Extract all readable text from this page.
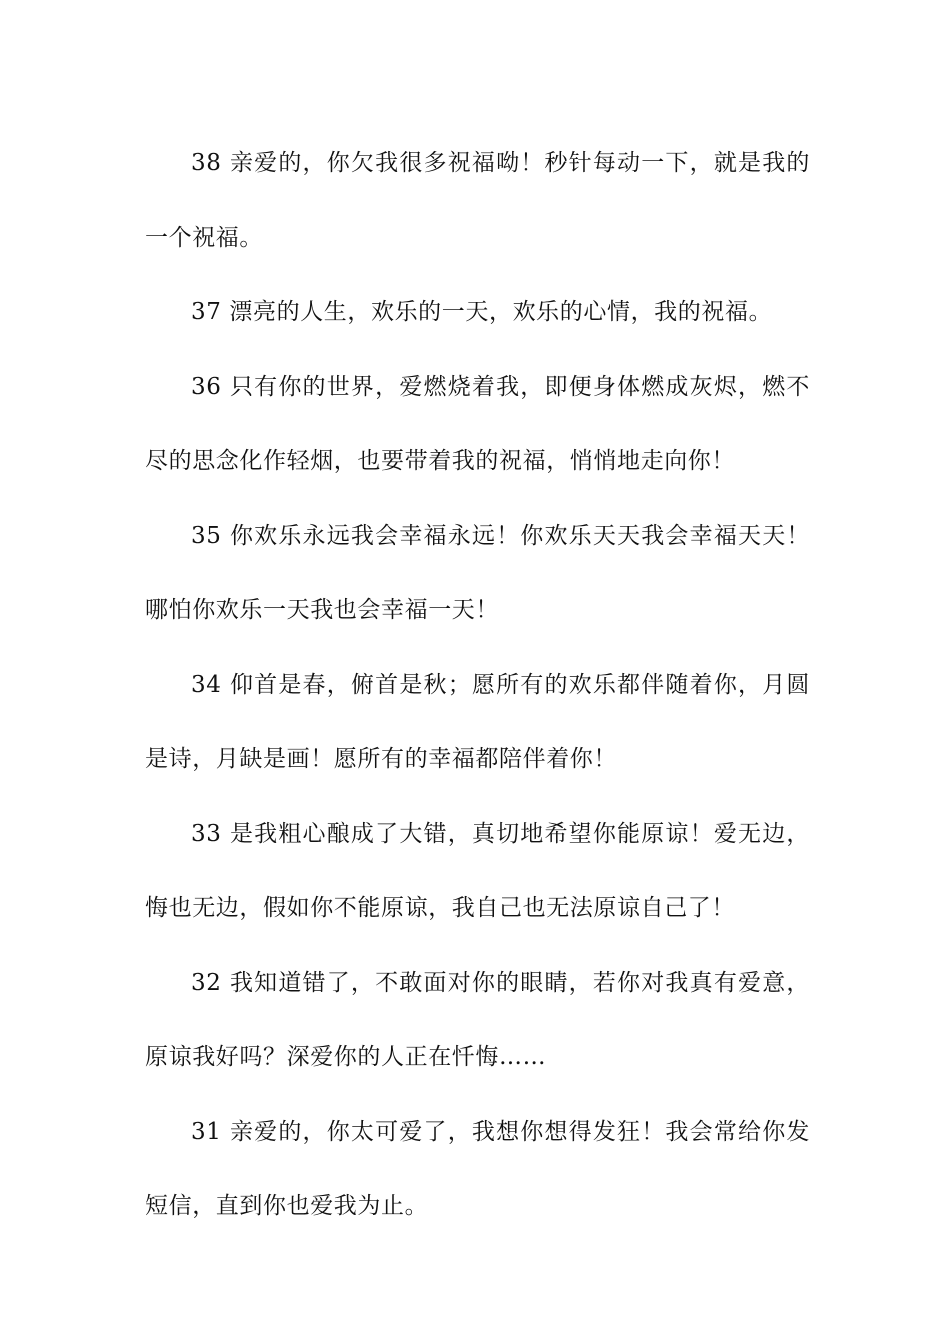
38 亲爱的，你欠我很多祝福呦！秒针每动一下，就是我的一个祝福。

37 漂亮的人生，欢乐的一天，欢乐的心情，我的祝福。

36 只有你的世界，爱燃烧着我，即便身体燃成灰烬，燃不尽的思念化作轻烟，也要带着我的祝福，悄悄地走向你！

35 你欢乐永远我会幸福永远！你欢乐天天我会幸福天天！哪怕你欢乐一天我也会幸福一天！

34 仰首是春，俯首是秋；愿所有的欢乐都伴随着你，月圆是诗，月缺是画！愿所有的幸福都陪伴着你！

33 是我粗心酿成了大错，真切地希望你能原谅！爱无边，悔也无边，假如你不能原谅，我自己也无法原谅自己了！

32 我知道错了，不敢面对你的眼睛，若你对我真有爱意，原谅我好吗？深爱你的人正在忏悔……

31 亲爱的，你太可爱了，我想你想得发狂！我会常给你发短信，直到你也爱我为止。
